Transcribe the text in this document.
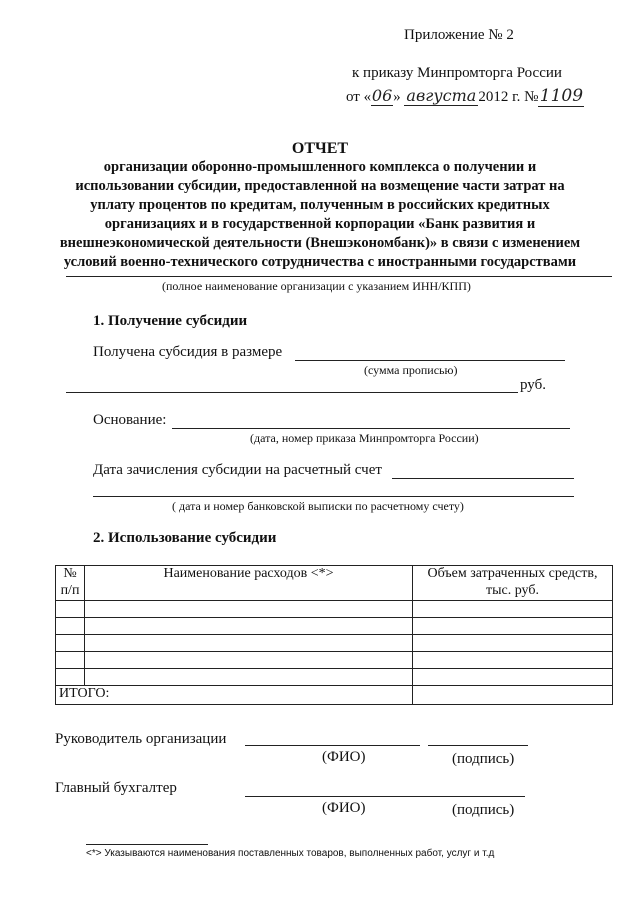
Приложение № 2
к приказу Минпромторга России
от «06» августа 2012 г. №1109
ОТЧЕТ
организации оборонно-промышленного комплекса о получении и
использовании субсидии, предоставленной на возмещение части затрат на
уплату процентов по кредитам, полученным в российских кредитных
организациях и в государственной корпорации «Банк развития и
внешнеэкономической деятельности (Внешэкономбанк)» в связи с изменением
условий военно-технического сотрудничества с иностранными государствами
(полное наименование организации с указанием ИНН/КПП)
1. Получение субсидии
Получена субсидия в размере
(сумма прописью)
руб.
Основание:
(дата, номер приказа Минпромторга России)
Дата зачисления субсидии на расчетный счет
( дата и номер банковской выписки по расчетному счету)
2. Использование субсидии
№	Наименование расходов <*>	Объем затраченных средств,
п/п		тыс. руб.

ИТОГО:		
Руководитель организации
(ФИО)	(подпись)
Главный бухгалтер
(ФИО)	(подпись)
<*> Указываются наименования поставленных товаров, выполненных работ, услуг и т.д
